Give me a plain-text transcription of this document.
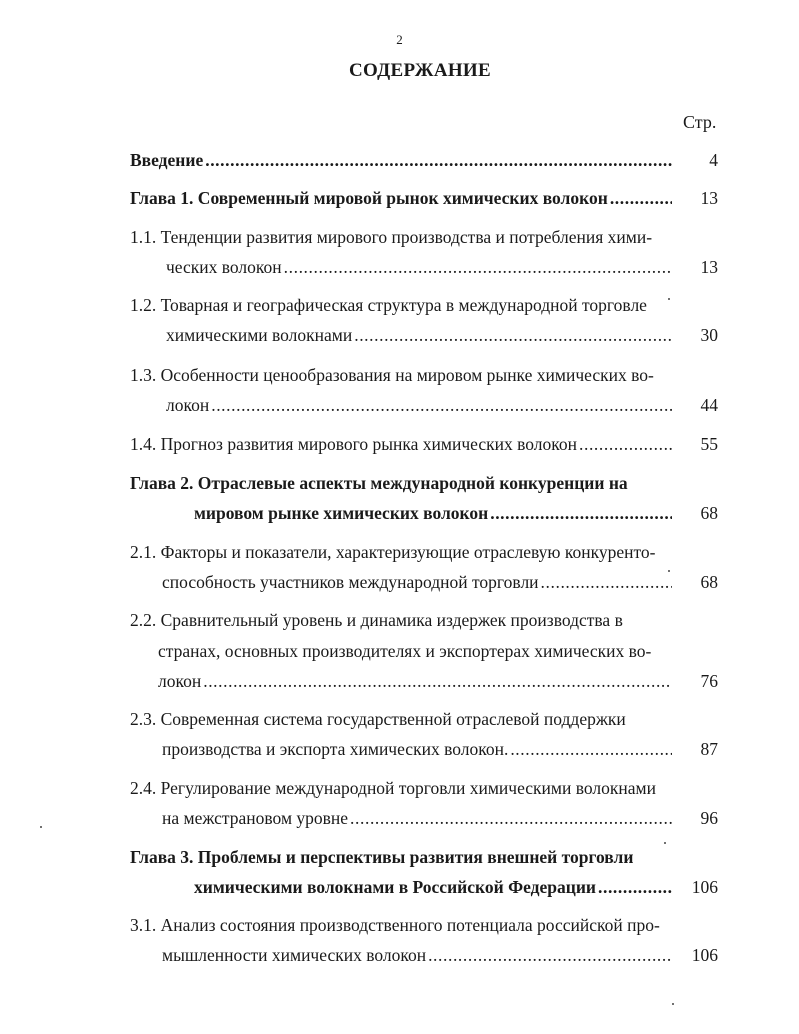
2
СОДЕРЖАНИЕ
Стр.
Введение .....	4
Глава 1. Современный мировой рынок химических волокон .....	13
1.1. Тенденции развития мирового производства и потребления хими-
ческих волокон .....	13
1.2. Товарная и географическая структура в международной торговле
химическими волокнами .....	30
1.3. Особенности ценообразования на мировом рынке химических во-
локон .....	44
1.4. Прогноз развития мирового рынка химических волокон .....	55
Глава 2. Отраслевые аспекты международной конкуренции на
мировом рынке химических волокон .....	68
2.1. Факторы и показатели, характеризующие отраслевую конкуренто-
способность участников международной торговли .....	68
2.2. Сравнительный уровень и динамика издержек производства в
странах, основных производителях и экспортерах химических во-
локон .....	76
2.3. Современная система государственной отраслевой поддержки
производства и экспорта химических волокон. .....	87
2.4. Регулирование международной торговли химическими волокнами
на межстрановом уровне .....	96
Глава 3. Проблемы и перспективы развития внешней торговли
химическими волокнами в Российской Федерации .....	106
3.1. Анализ состояния производственного потенциала российской про-
мышленности химических волокон .....	106
